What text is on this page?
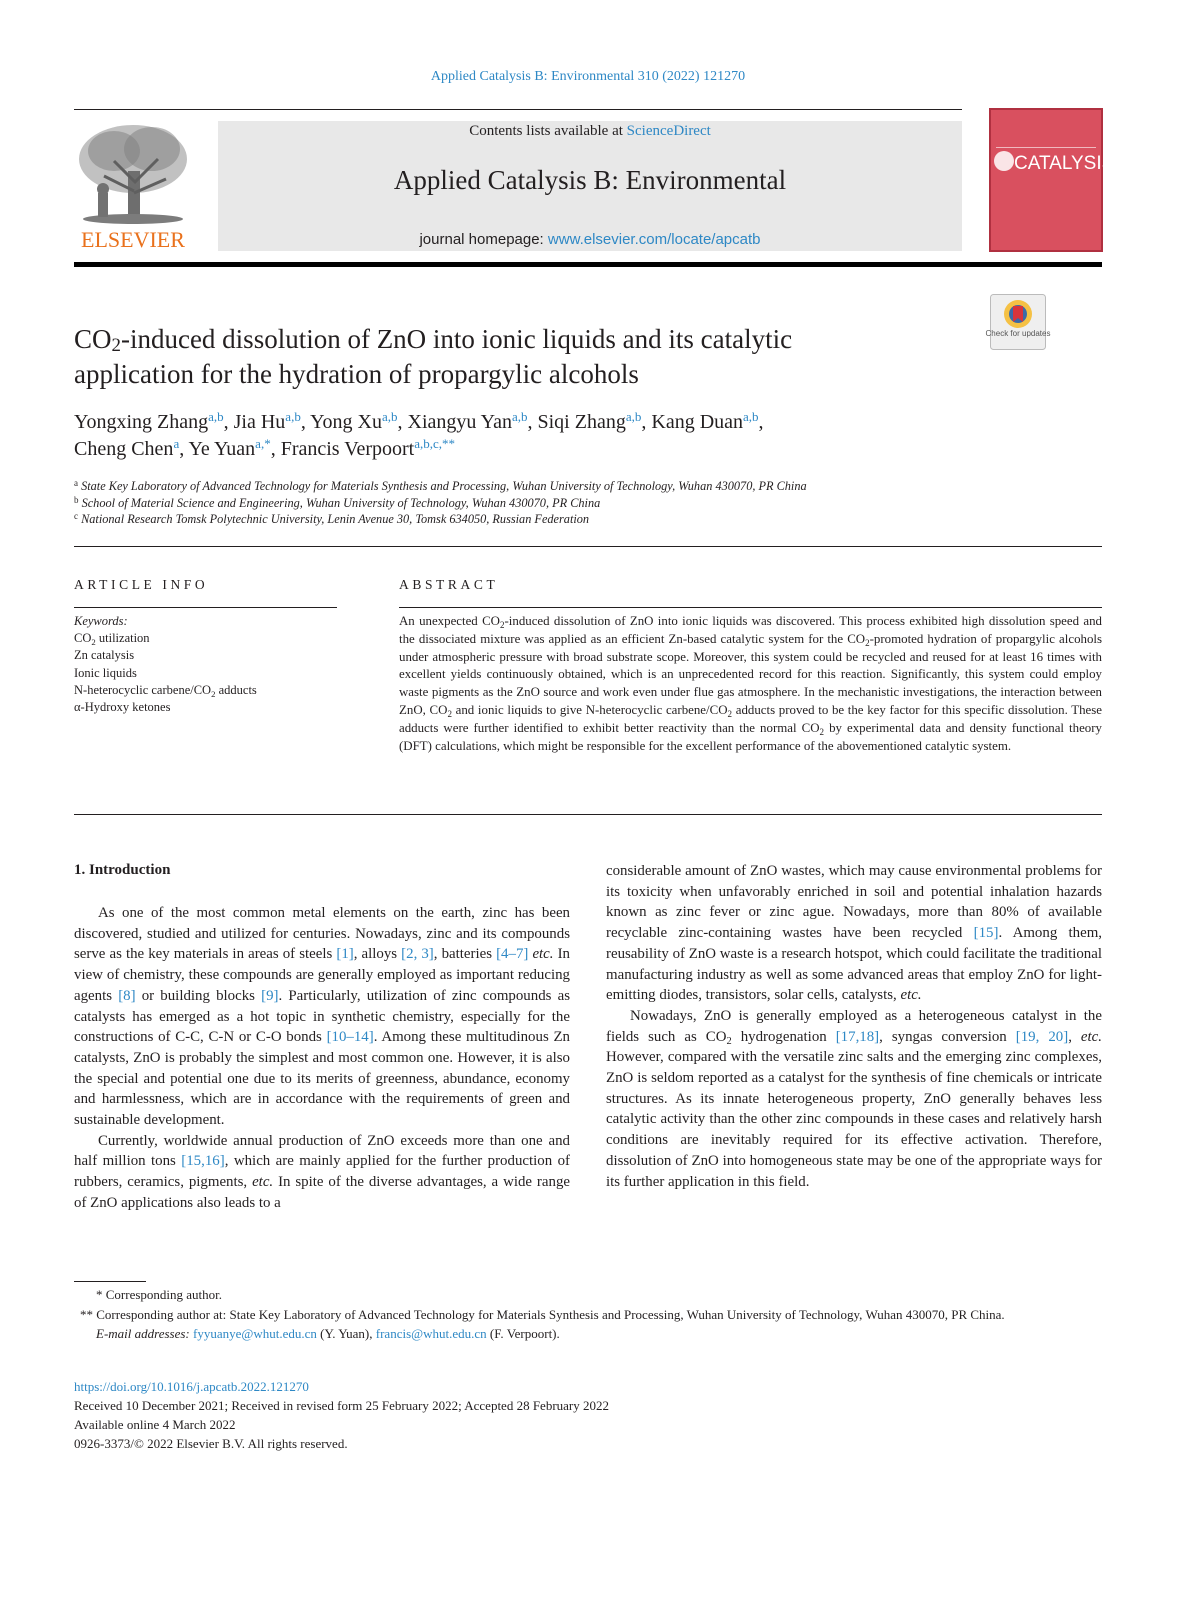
Applied Catalysis B: Environmental 310 (2022) 121270
ELSEVIER
Contents lists available at ScienceDirect
Applied Catalysis B: Environmental
journal homepage: www.elsevier.com/locate/apcatb
CATALYSIS
$CO_2$-induced dissolution of ZnO into ionic liquids and its catalytic
application for the hydration of propargylic alcohols
Check for updates
Yongxing Zhang$^{a,b}$, Jia Hu$^{a,b}$, Yong Xu$^{a,b}$, Xiangyu Yan$^{a,b}$, Siqi Zhang$^{a,b}$, Kang Duan$^{a,b}$,
Cheng Chen$^a$, Ye Yuan$^{a,*}$, Francis Verpoort$^{a,b,c,**}$
$^a$ State Key Laboratory of Advanced Technology for Materials Synthesis and Processing, Wuhan University of Technology, Wuhan 430070, PR China
$^b$ School of Material Science and Engineering, Wuhan University of Technology, Wuhan 430070, PR China
$^c$ National Research Tomsk Polytechnic University, Lenin Avenue 30, Tomsk 634050, Russian Federation
ARTICLE INFO	ABSTRACT
Keywords:
$CO_2$ utilization
Zn catalysis
Ionic liquids
N-heterocyclic carbene/$CO_2$ adducts
α-Hydroxy ketones
An unexpected $CO_2$-induced dissolution of ZnO into ionic liquids was discovered. This process exhibited high dissolution speed and the dissociated mixture was applied as an efficient Zn-based catalytic system for the $CO_2$-promoted hydration of propargylic alcohols under atmospheric pressure with broad substrate scope. Moreover, this system could be recycled and reused for at least 16 times with excellent yields continuously obtained, which is an unprecedented record for this reaction. Significantly, this system could employ waste pigments as the ZnO source and work even under flue gas atmosphere. In the mechanistic investigations, the interaction between ZnO, $CO_2$ and ionic liquids to give N-heterocyclic carbene/$CO_2$ adducts proved to be the key factor for this specific dissolution. These adducts were further identified to exhibit better reactivity than the normal $CO_2$ by experimental data and density functional theory (DFT) calculations, which might be responsible for the excellent performance of the abovementioned catalytic system.
1. Introduction

As one of the most common metal elements on the earth, zinc has been discovered, studied and utilized for centuries. Nowadays, zinc and its compounds serve as the key materials in areas of steels [1], alloys [2, 3], batteries [4–7] etc. In view of chemistry, these compounds are generally employed as important reducing agents [8] or building blocks [9]. Particularly, utilization of zinc compounds as catalysts has emerged as a hot topic in synthetic chemistry, especially for the constructions of C-C, C-N or C-O bonds [10–14]. Among these multitudinous Zn catalysts, ZnO is probably the simplest and most common one. However, it is also the special and potential one due to its merits of greenness, abundance, economy and harmlessness, which are in accordance with the requirements of green and sustainable development.

Currently, worldwide annual production of ZnO exceeds more than one and half million tons [15,16], which are mainly applied for the further production of rubbers, ceramics, pigments, etc. In spite of the diverse advantages, a wide range of ZnO applications also leads to a

considerable amount of ZnO wastes, which may cause environmental problems for its toxicity when unfavorably enriched in soil and potential inhalation hazards known as zinc fever or zinc ague. Nowadays, more than 80% of available recyclable zinc-containing wastes have been recycled [15]. Among them, reusability of ZnO waste is a research hotspot, which could facilitate the traditional manufacturing industry as well as some advanced areas that employ ZnO for light-emitting diodes, transistors, solar cells, catalysts, etc.

Nowadays, ZnO is generally employed as a heterogeneous catalyst in the fields such as $CO_2$ hydrogenation [17,18], syngas conversion [19, 20], etc. However, compared with the versatile zinc salts and the emerging zinc complexes, ZnO is seldom reported as a catalyst for the synthesis of fine chemicals or intricate structures. As its innate heterogeneous property, ZnO generally behaves less catalytic activity than the other zinc compounds in these cases and relatively harsh conditions are inevitably required for its effective activation. Therefore, dissolution of ZnO into homogeneous state may be one of the appropriate ways for its further application in this field.

* Corresponding author.
** Corresponding author at: State Key Laboratory of Advanced Technology for Materials Synthesis and Processing, Wuhan University of Technology, Wuhan 430070, PR China.
E-mail addresses: fyyuanye@whut.edu.cn (Y. Yuan), francis@whut.edu.cn (F. Verpoort).
https://doi.org/10.1016/j.apcatb.2022.121270
Received 10 December 2021; Received in revised form 25 February 2022; Accepted 28 February 2022
Available online 4 March 2022
0926-3373/© 2022 Elsevier B.V. All rights reserved.
